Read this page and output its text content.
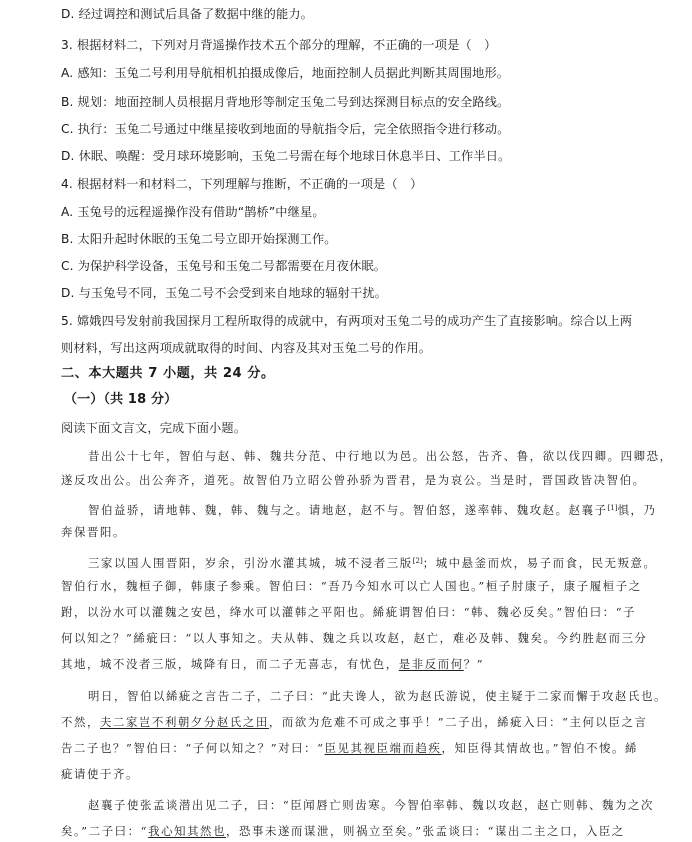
D. 经过调控和测试后具备了数据中继的能力。
3. 根据材料二，下列对月背遥操作技术五个部分的理解，不正确的一项是（　）
A. 感知：玉兔二号利用导航相机拍摄成像后，地面控制人员据此判断其周围地形。
B. 规划：地面控制人员根据月背地形等制定玉兔二号到达探测目标点的安全路线。
C. 执行：玉兔二号通过中继星接收到地面的导航指令后，完全依照指令进行移动。
D. 休眠、唤醒：受月球环境影响，玉兔二号需在每个地球日休息半日、工作半日。
4. 根据材料一和材料二，下列理解与推断，不正确的一项是（　）
A. 玉兔号的远程遥操作没有借助“鹊桥”中继星。
B. 太阳升起时休眠的玉兔二号立即开始探测工作。
C. 为保护科学设备，玉兔号和玉兔二号都需要在月夜休眠。
D. 与玉兔号不同，玉兔二号不会受到来自地球的辐射干扰。
5. 嫦娥四号发射前我国探月工程所取得的成就中，有两项对玉兔二号的成功产生了直接影响。综合以上两
则材料，写出这两项成就取得的时间、内容及其对玉兔二号的作用。
二、本大题共 7 小题，共 24 分。
（一）（共 18 分）
阅读下面文言文，完成下面小题。
昔出公十七年，智伯与赵、韩、魏共分范、中行地以为邑。出公怒，告齐、鲁，欲以伐四卿。四卿恐，
遂反攻出公。出公奔齐，道死。故智伯乃立昭公曾孙骄为晋君，是为哀公。当是时，晋国政皆决智伯。
智伯益骄，请地韩、魏，韩、魏与之。请地赵，赵不与。智伯怒，遂率韩、魏攻赵。赵襄子[1]惧，乃
奔保晋阳。
三家以国人围晋阳，岁余，引汾水灌其城，城不浸者三版[2]；城中悬釜而炊，易子而食，民无叛意。
智伯行水，魏桓子御，韩康子参乘。智伯曰：“吾乃今知水可以亡人国也。”桓子肘康子，康子履桓子之
跗，以汾水可以灌魏之安邑，绛水可以灌韩之平阳也。絺疵谓智伯曰：“韩、魏必反矣。”智伯曰：“子
何以知之？”絺疵曰：“以人事知之。夫从韩、魏之兵以攻赵，赵亡，难必及韩、魏矣。今约胜赵而三分
其地，城不没者三版，城降有日，而二子无喜志，有忧色，是非反而何？”
明日，智伯以絺疵之言告二子，二子曰：“此夫谗人，欲为赵氏游说，使主疑于二家而懈于攻赵氏也。
不然，夫二家岂不利朝夕分赵氏之田，而欲为危难不可成之事乎！”二子出，絺疵入曰：“主何以臣之言
告二子也？”智伯曰：“子何以知之？”对曰：“臣见其视臣端而趋疾，知臣得其情故也。”智伯不悛。絺
疵请使于齐。
赵襄子使张孟谈潜出见二子，曰：“臣闻唇亡则齿寒。今智伯率韩、魏以攻赵，赵亡则韩、魏为之次
矣。”二子曰：“我心知其然也，恐事未遂而谋泄，则祸立至矣。”张孟谈曰：“谋出二主之口，入臣之
